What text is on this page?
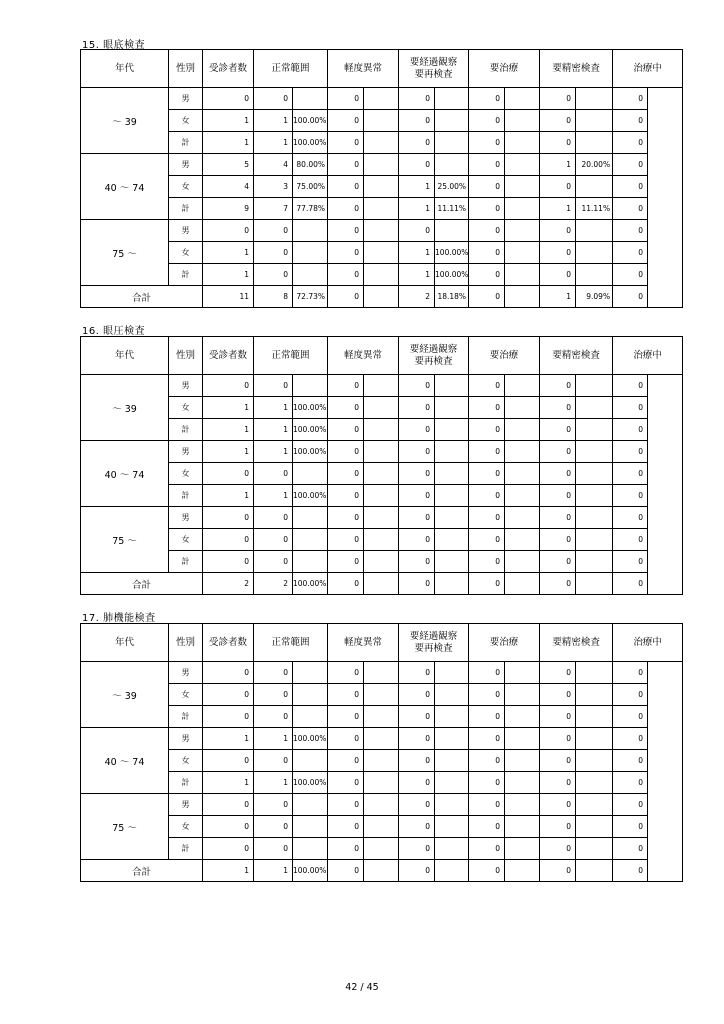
15. 眼底検査
年代	性別	受診者数	正常範囲		軽度異常		要経過観察
要再検査		要治療		要精密検査		治療中
～ 39	男	0	0		0		0		0		0		0
	女	1	1	100.00%	0		0		0		0		0
	計	1	1	100.00%	0		0		0		0		0
40 ～ 74	男	5	4	80.00%	0		0		0		1	20.00%	0
	女	4	3	75.00%	0		1	25.00%	0		0		0
	計	9	7	77.78%	0		1	11.11%	0		1	11.11%	0
75 ～	男	0	0		0		0		0		0		0
	女	1	0		0		1	100.00%	0		0		0
	計	1	0		0		1	100.00%	0		0		0
合計		11	8	72.73%	0		2	18.18%	0		1	9.09%	0
16. 眼圧検査
年代	性別	受診者数	正常範囲		軽度異常		要経過観察
要再検査		要治療		要精密検査		治療中
～ 39	男	0	0		0		0		0		0		0
	女	1	1	100.00%	0		0		0		0		0
	計	1	1	100.00%	0		0		0		0		0
40 ～ 74	男	1	1	100.00%	0		0		0		0		0
	女	0	0		0		0		0		0		0
	計	1	1	100.00%	0		0		0		0		0
75 ～	男	0	0		0		0		0		0		0
	女	0	0		0		0		0		0		0
	計	0	0		0		0		0		0		0
合計		2	2	100.00%	0		0		0		0		0
17. 肺機能検査
年代	性別	受診者数	正常範囲		軽度異常		要経過観察
要再検査		要治療		要精密検査		治療中
～ 39	男	0	0		0		0		0		0		0
	女	0	0		0		0		0		0		0
	計	0	0		0		0		0		0		0
40 ～ 74	男	1	1	100.00%	0		0		0		0		0
	女	0	0		0		0		0		0		0
	計	1	1	100.00%	0		0		0		0		0
75 ～	男	0	0		0		0		0		0		0
	女	0	0		0		0		0		0		0
	計	0	0		0		0		0		0		0
合計		1	1	100.00%	0		0		0		0		0
42 / 45
